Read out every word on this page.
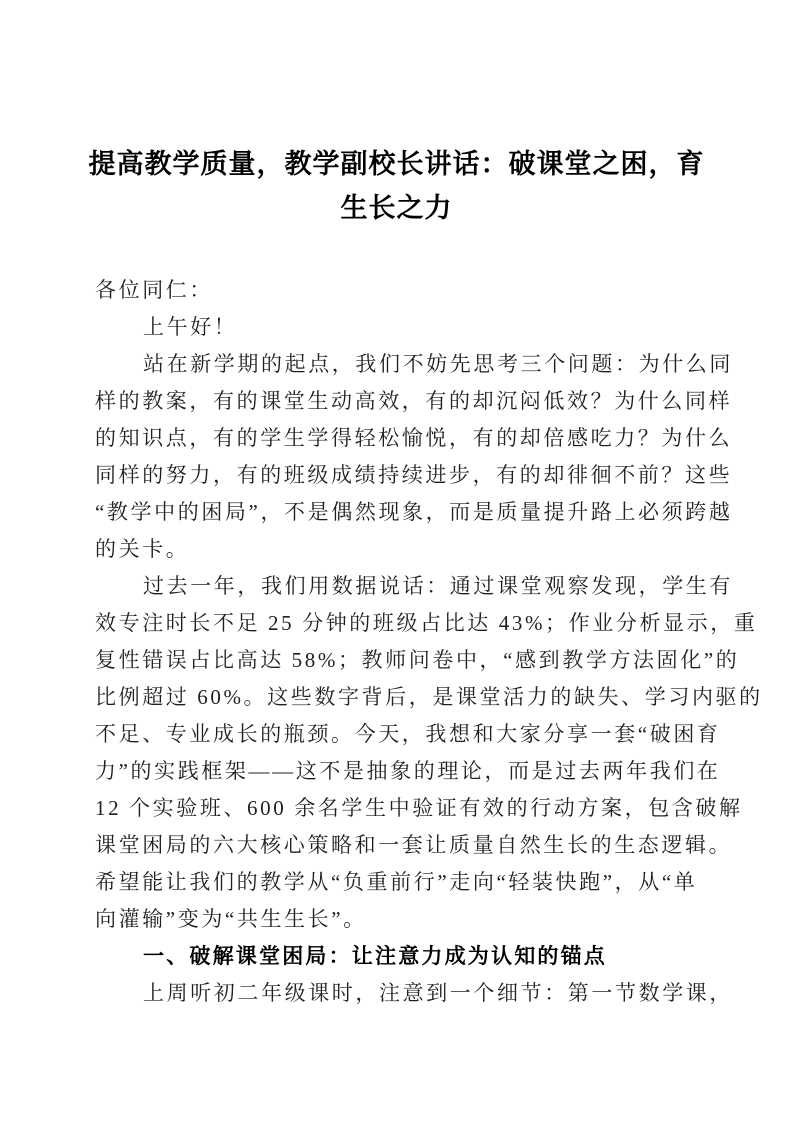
提高教学质量，教学副校长讲话：破课堂之困，育
生长之力
各位同仁：
上午好！
站在新学期的起点，我们不妨先思考三个问题：为什么同
样的教案，有的课堂生动高效，有的却沉闷低效？为什么同样
的知识点，有的学生学得轻松愉悦，有的却倍感吃力？为什么
同样的努力，有的班级成绩持续进步，有的却徘徊不前？这些
“教学中的困局”，不是偶然现象，而是质量提升路上必须跨越
的关卡。
过去一年，我们用数据说话：通过课堂观察发现，学生有
效专注时长不足 25 分钟的班级占比达 43%；作业分析显示，重
复性错误占比高达 58%；教师问卷中，“感到教学方法固化”的
比例超过 60%。这些数字背后，是课堂活力的缺失、学习内驱的
不足、专业成长的瓶颈。今天，我想和大家分享一套“破困育
力”的实践框架——这不是抽象的理论，而是过去两年我们在
12 个实验班、600 余名学生中验证有效的行动方案，包含破解
课堂困局的六大核心策略和一套让质量自然生长的生态逻辑。
希望能让我们的教学从“负重前行”走向“轻装快跑”，从“单
向灌输”变为“共生生长”。
一、破解课堂困局：让注意力成为认知的锚点
上周听初二年级课时，注意到一个细节：第一节数学课，
